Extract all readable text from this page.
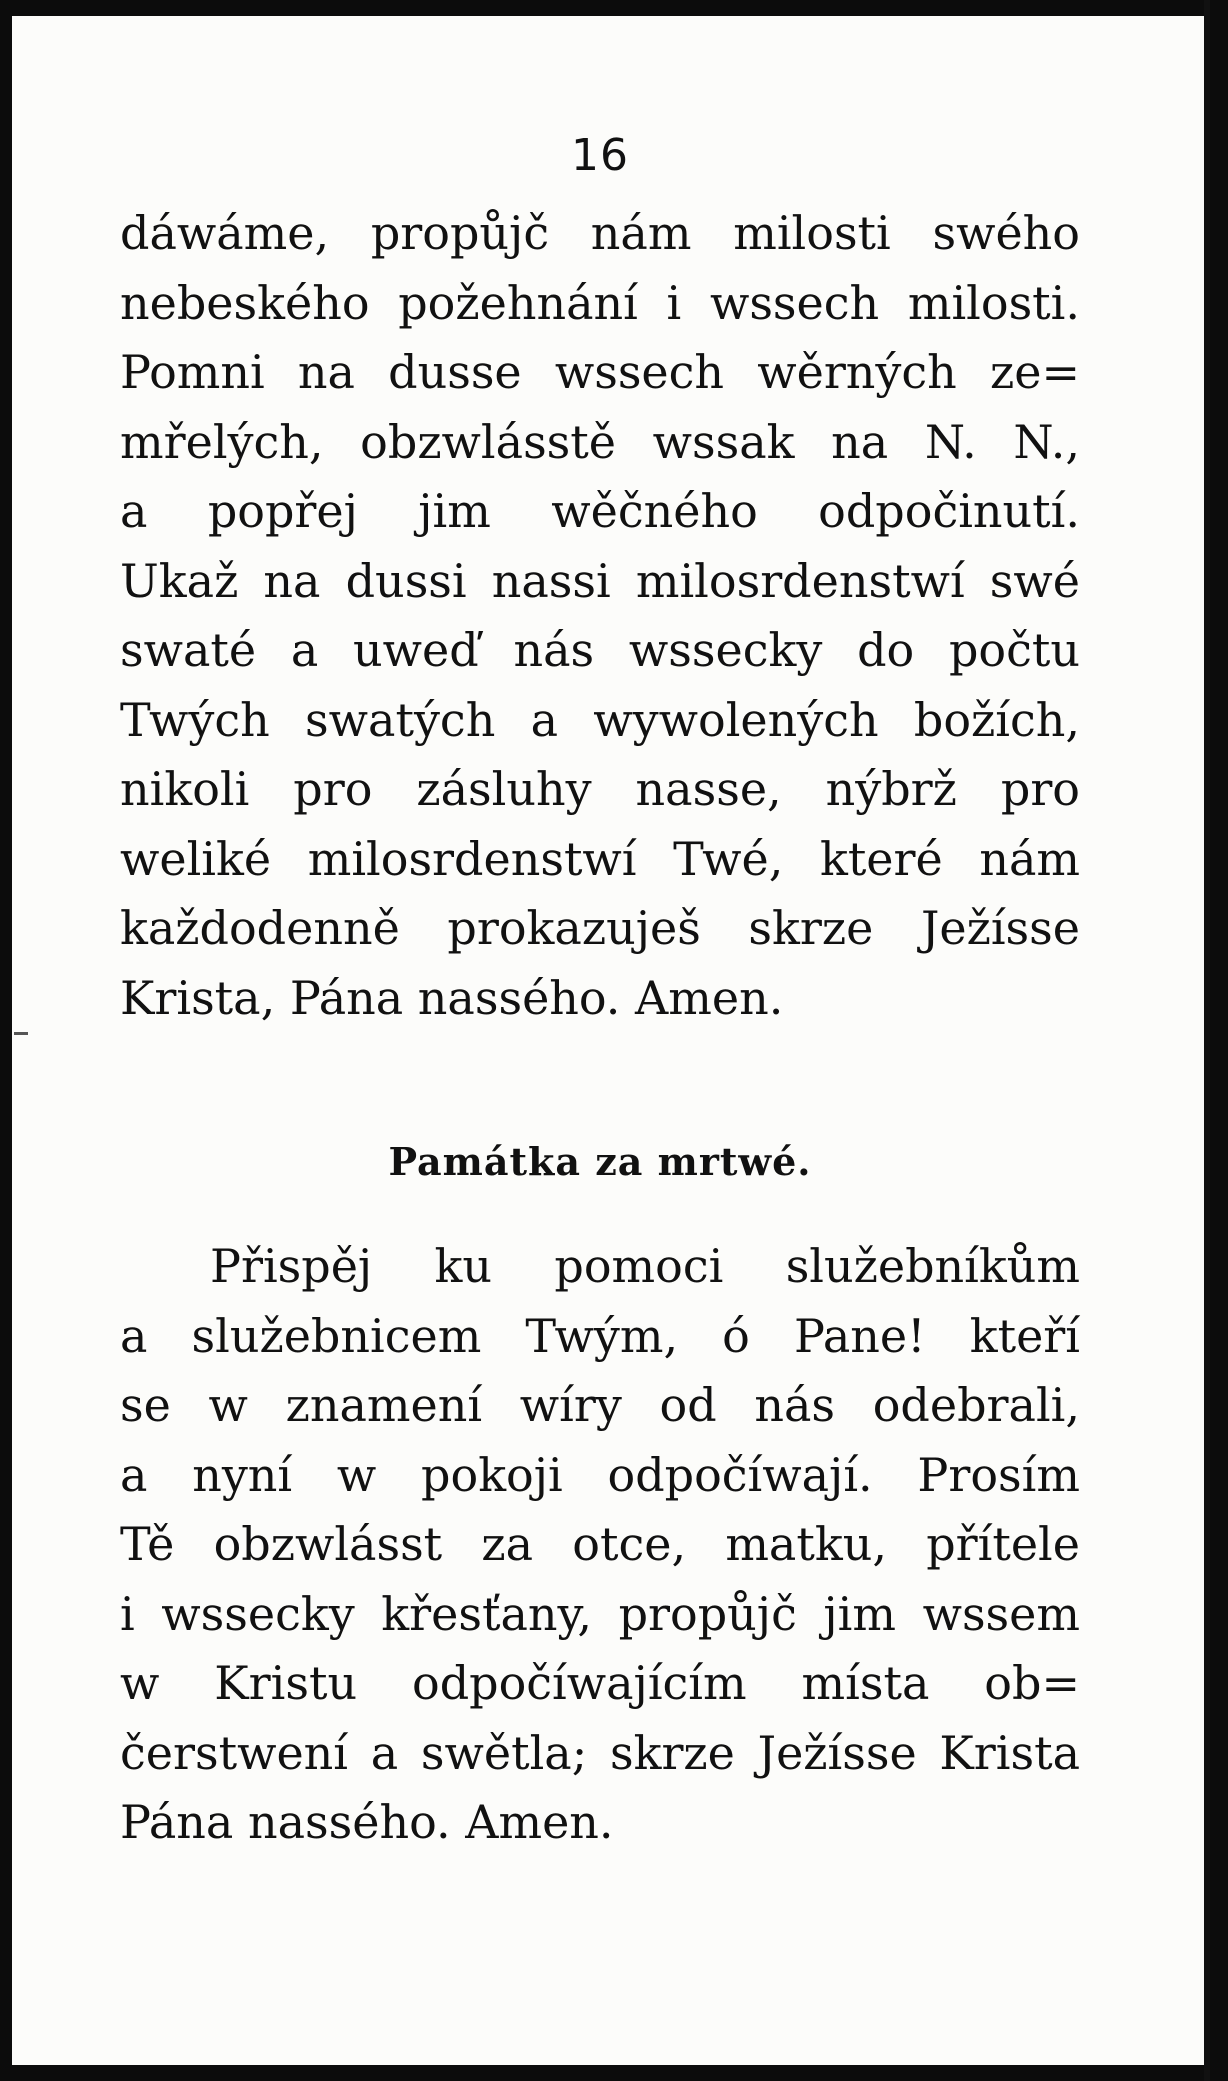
16
dáwáme, propůjč nám milosti swého
nebeského požehnání i wssech milosti.
Pomni na dusse wssech wěrných ze=
mřelých, obzwlásstě wssak na N. N.,
a popřej jim wěčného odpočinutí.
Ukaž na dussi nassi milosrdenstwí swé
swaté a uweď nás wssecky do počtu
Twých swatých a wywolených božích,
nikoli pro zásluhy nasse, nýbrž pro
weliké milosrdenstwí Twé, které nám
každodenně prokazuješ skrze Ježísse
Krista, Pána nassého. Amen.
Památka za mrtwé.
Přispěj ku pomoci služebníkům
a služebnicem Twým, ó Pane! kteří
se w znamení wíry od nás odebrali,
a nyní w pokoji odpočíwají. Prosím
Tě obzwlásst za otce, matku, přítele
i wssecky křesťany, propůjč jim wssem
w Kristu odpočíwajícím místa ob=
čerstwení a swětla; skrze Ježísse Krista
Pána nassého. Amen.
